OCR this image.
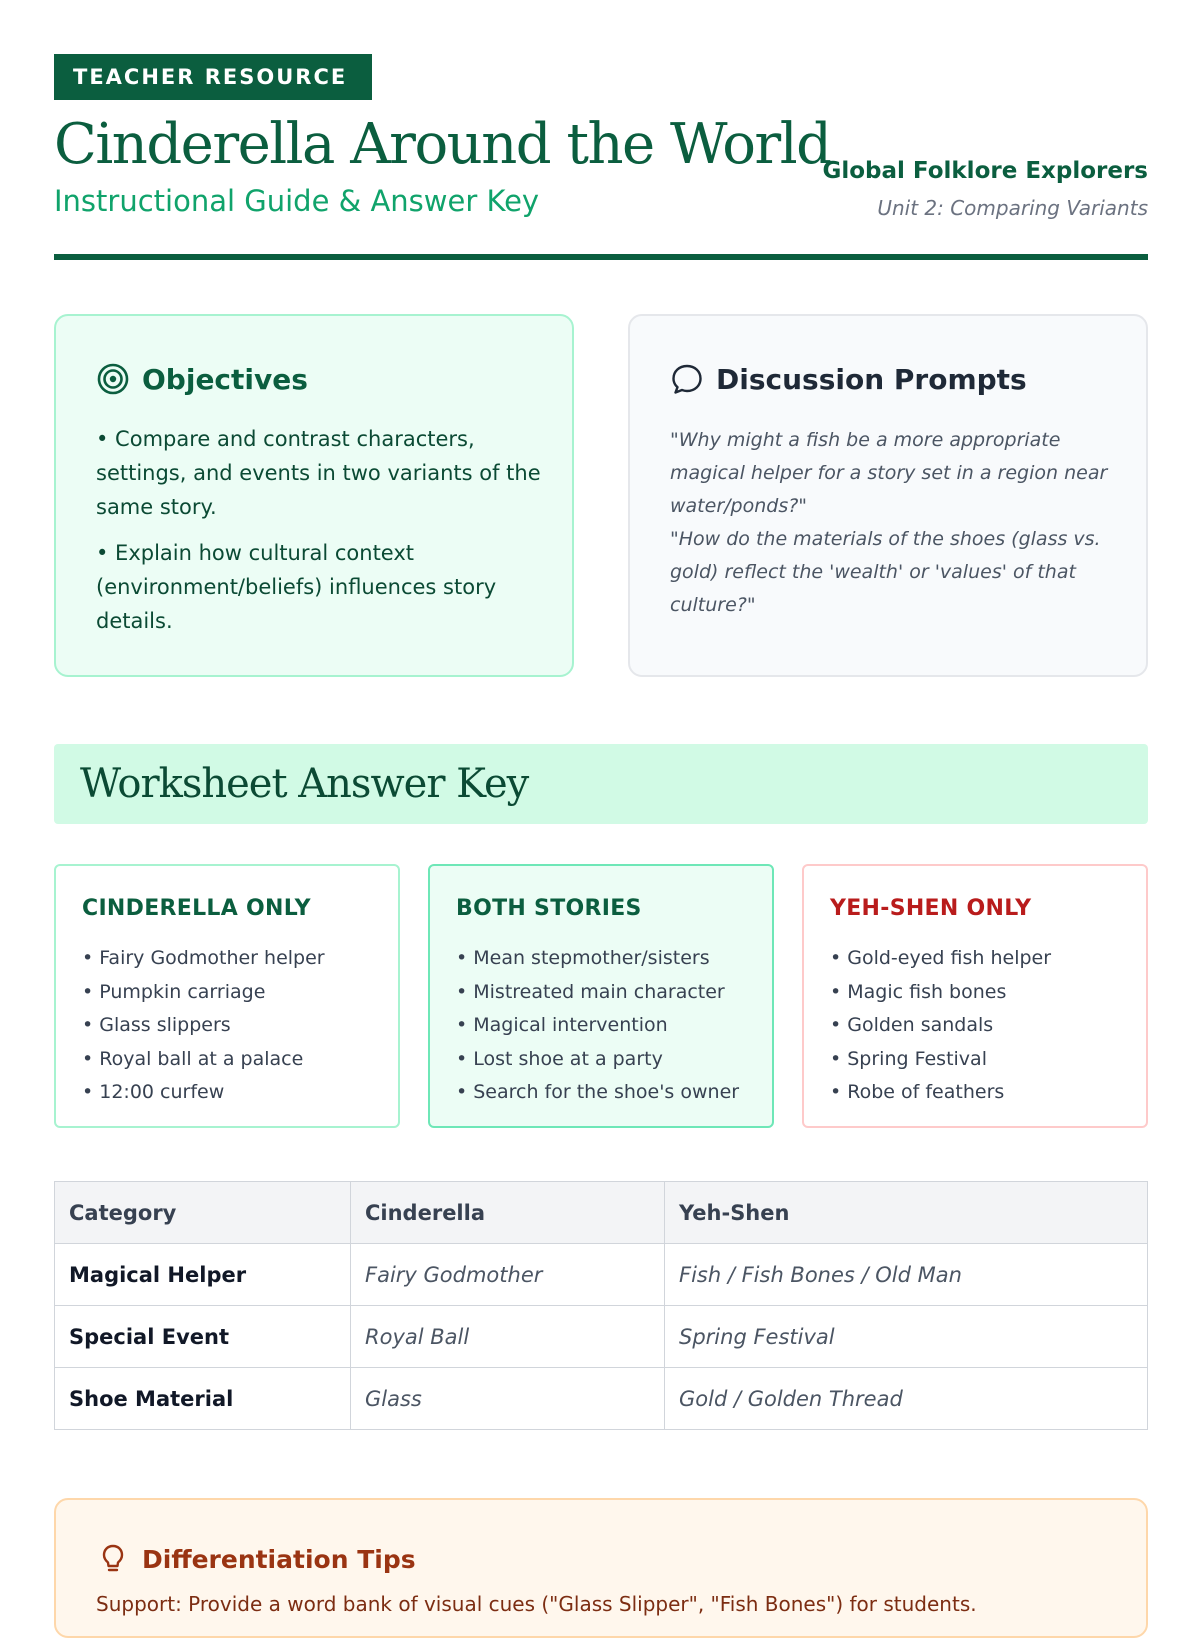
TEACHER RESOURCE
Cinderella Around the World
Instructional Guide & Answer Key
Global Folklore Explorers
Unit 2: Comparing Variants
Objectives
• Compare and contrast characters, settings, and events in two variants of the same story.
• Explain how cultural context (environment/beliefs) influences story details.
Discussion Prompts
"Why might a fish be a more appropriate magical helper for a story set in a region near water/ponds?"
"How do the materials of the shoes (glass vs. gold) reflect the 'wealth' or 'values' of that culture?"
Worksheet Answer Key
CINDERELLA ONLY
• Fairy Godmother helper
• Pumpkin carriage
• Glass slippers
• Royal ball at a palace
• 12:00 curfew
BOTH STORIES
• Mean stepmother/sisters
• Mistreated main character
• Magical intervention
• Lost shoe at a party
• Search for the shoe's owner
YEH-SHEN ONLY
• Gold-eyed fish helper
• Magic fish bones
• Golden sandals
• Spring Festival
• Robe of feathers
Category	Cinderella	Yeh-Shen
Magical Helper	Fairy Godmother	Fish / Fish Bones / Old Man
Special Event	Royal Ball	Spring Festival
Shoe Material	Glass	Gold / Golden Thread
Differentiation Tips
Support: Provide a word bank of visual cues ("Glass Slipper", "Fish Bones") for students.
